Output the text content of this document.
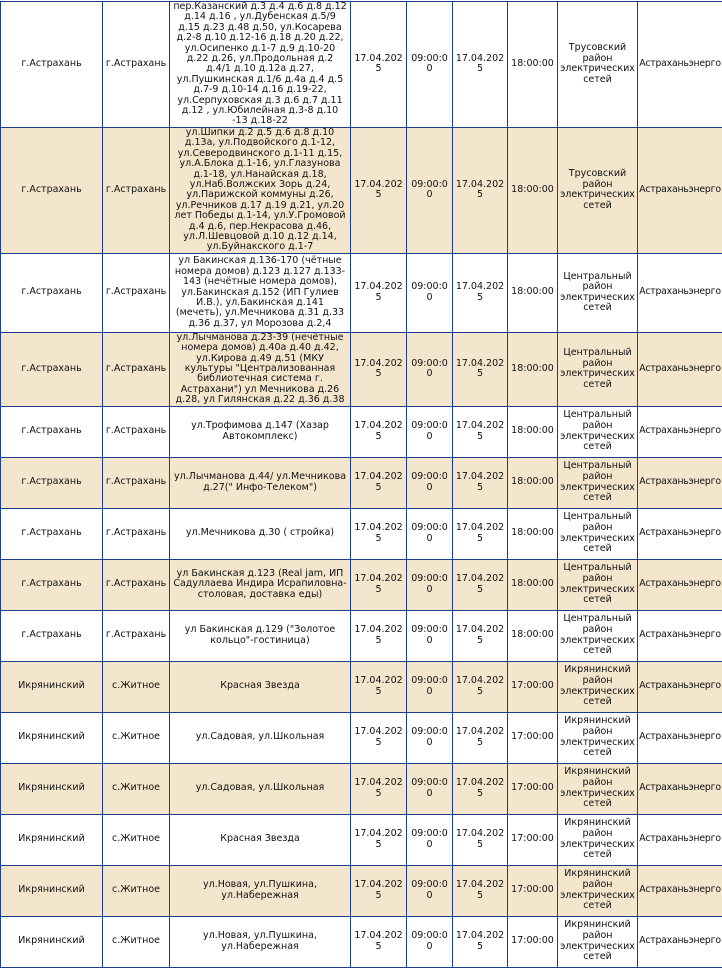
г.Астрахань	г.Астрахань	пер.Казанский д.3 д.4 д.6 д.8 д.12 д.14 д.16 , ул.Дубенская д.5/9 д.15 д.23 д.48 д.50, ул.Косарева д.2-8 д.10 д.12-16 д.18 д.20 д.22, ул.Осипенко д.1-7 д.9 д.10-20 д.22 д.26, ул.Продольная д.2 д.4/1 д.10 д.12а д.27, ул.Пушкинская д.1/6 д.4а д.4 д.5 д.7-9 д.10-14 д.16 д.19-22, ул.Серпуховская д.3 д.6 д.7 д.11 д.12 , ул.Юбилейная д.3-8 д.10 -13 д.18-22	17.04.2025	09:00:00	17.04.2025	18:00:00	Трусовский район электрических сетей	Астраханьэнерго
г.Астрахань	г.Астрахань	ул.Шипки д.2 д.5 д.6 д.8 д.10 д.13а, ул.Подвойского д.1-12, ул.Северодвинского д.1-11 д.15, ул.А.Блока д.1-16, ул.Глазунова д.1-18, ул.Нанайская д.18, ул.Наб.Волжских Зорь д.24, ул.Парижской коммуны д.26, ул.Речников д.17 д.19 д.21, ул.20 лет Победы д.1-14, ул.У.Громовой д.4 д.6, пер.Некрасова д.46, ул.Л.Шевцовой д.10 д.12 д.14, ул.Буйнакского д.1-7	17.04.2025	09:00:00	17.04.2025	18:00:00	Трусовский район электрических сетей	Астраханьэнерго
г.Астрахань	г.Астрахань	ул Бакинская д.136-170 (чётные номера домов) д.123 д.127 д.133-143 (нечётные номера домов), ул.Бакинская д.152 (ИП Гулиев И.В.), ул.Бакинская д.141 (мечеть), ул.Мечникова д.31 д.33 д.36 д.37, ул Морозова д.2,4	17.04.2025	09:00:00	17.04.2025	18:00:00	Центральный район электрических сетей	Астраханьэнерго
г.Астрахань	г.Астрахань	ул.Лычманова д.23-39 (нечётные номера домов) д.40а д.40 д.42, ул.Кирова д.49 д.51 (МКУ культуры "Централизованная библиотечная система г. Астрахани") ул Мечникова д.26 д.28, ул Гилянская д.22 д.36 д.38	17.04.2025	09:00:00	17.04.2025	18:00:00	Центральный район электрических сетей	Астраханьэнерго
г.Астрахань	г.Астрахань	ул.Трофимова д.147 (Хазар Автокомплекс)	17.04.2025	09:00:00	17.04.2025	18:00:00	Центральный район электрических сетей	Астраханьэнерго
г.Астрахань	г.Астрахань	ул.Лычманова д.44/ ул.Мечникова д.27(" Инфо-Телеком")	17.04.2025	09:00:00	17.04.2025	18:00:00	Центральный район электрических сетей	Астраханьэнерго
г.Астрахань	г.Астрахань	ул.Мечникова д.30 ( стройка)	17.04.2025	09:00:00	17.04.2025	18:00:00	Центральный район электрических сетей	Астраханьэнерго
г.Астрахань	г.Астрахань	ул Бакинская д.123 (Real jam, ИП Садуллаева Индира Исрапиловна-столовая, доставка еды)	17.04.2025	09:00:00	17.04.2025	18:00:00	Центральный район электрических сетей	Астраханьэнерго
г.Астрахань	г.Астрахань	ул Бакинская д.129 ("Золотое кольцо"-гостиница)	17.04.2025	09:00:00	17.04.2025	18:00:00	Центральный район электрических сетей	Астраханьэнерго
Икрянинский	с.Житное	Красная Звезда	17.04.2025	09:00:00	17.04.2025	17:00:00	Икрянинский район электрических сетей	Астраханьэнерго
Икрянинский	с.Житное	ул.Садовая, ул.Школьная	17.04.2025	09:00:00	17.04.2025	17:00:00	Икрянинский район электрических сетей	Астраханьэнерго
Икрянинский	с.Житное	ул.Садовая, ул.Школьная	17.04.2025	09:00:00	17.04.2025	17:00:00	Икрянинский район электрических сетей	Астраханьэнерго
Икрянинский	с.Житное	Красная Звезда	17.04.2025	09:00:00	17.04.2025	17:00:00	Икрянинский район электрических сетей	Астраханьэнерго
Икрянинский	с.Житное	ул.Новая, ул.Пушкина, ул.Набережная	17.04.2025	09:00:00	17.04.2025	17:00:00	Икрянинский район электрических сетей	Астраханьэнерго
Икрянинский	с.Житное	ул.Новая, ул.Пушкина, ул.Набережная	17.04.2025	09:00:00	17.04.2025	17:00:00	Икрянинский район электрических сетей	Астраханьэнерго
